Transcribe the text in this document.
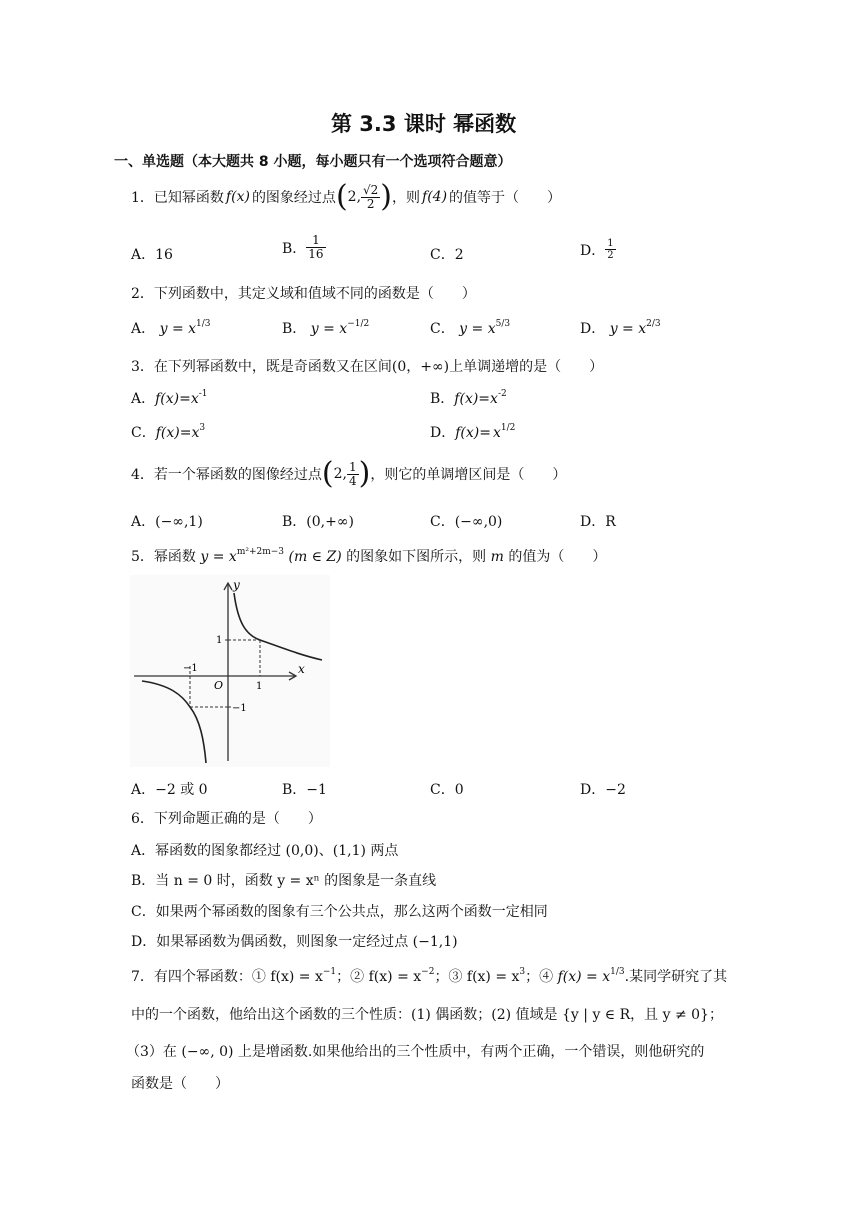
第 3.3 课时 幂函数
一、单选题（本大题共 8 小题，每小题只有一个选项符合题意）
1．已知幂函数 f(x) 的图象经过点 ( 2, $\frac{√2}{2}$ ) ，则 f(4) 的值等于（　　）
A．16	B． $\frac{1}{16}$	C．2	D． $\frac{1}{2}$
2．下列函数中，其定义域和值域不同的函数是（　　）
A． $y = x^{1/3}$	B． $y = x^{-1/2}$	C． $y = x^{5/3}$	D． $y = x^{2/3}$
3．在下列幂函数中，既是奇函数又在区间(0，+∞)上单调递增的是（　　）
A．$f(x)=x^{-1}$	B．$f(x)=x^{-2}$
C．$f(x)=x^3$	D．$f(x)= x^{1/2}$
4．若一个幂函数的图像经过点 ( 2, $\frac{1}{4}$ ) ，则它的单调增区间是（　　）
A．(−∞,1)	B．(0,+∞)	C．(−∞,0)	D．R
5．幂函数 $y = x^{m^2+2m-3}$ (m ∈ Z) 的图象如下图所示，则 m 的值为（　　）
y
x
O
−1
1
1
−1
A．−2 或 0	B．−1	C．0	D．−2
6．下列命题正确的是（　　）
A．幂函数的图象都经过 (0,0)、(1,1) 两点
B．当 n = 0 时，函数 y = xⁿ 的图象是一条直线
C．如果两个幂函数的图象有三个公共点，那么这两个函数一定相同
D．如果幂函数为偶函数，则图象一定经过点 (−1,1)
7．有四个幂函数：① $f(x) = x^{-1}$；② $f(x) = x^{-2}$；③ $f(x) = x^3$；④ $f(x) = x^{1/3}$.某同学研究了其
中的一个函数，他给出这个函数的三个性质：(1) 偶函数；(2) 值域是 {y | y ∈ R，且 y ≠ 0}；
（3）在 (−∞, 0) 上是增函数.如果他给出的三个性质中，有两个正确，一个错误，则他研究的
函数是（　　）
